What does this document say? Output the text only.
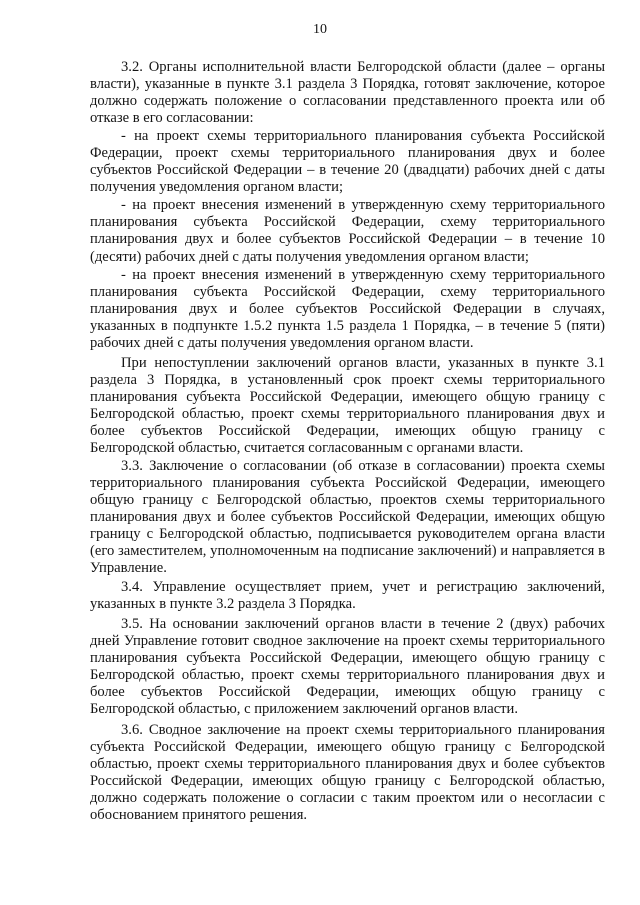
10

3.2. Органы исполнительной власти Белгородской области (далее – органы власти), указанные в пункте 3.1 раздела 3 Порядка, готовят заключение, которое должно содержать положение о согласовании представленного проекта или об отказе в его согласовании:

- на проект схемы территориального планирования субъекта Российской Федерации, проект схемы территориального планирования двух и более субъектов Российской Федерации – в течение 20 (двадцати) рабочих дней с даты получения уведомления органом власти;

- на проект внесения изменений в утвержденную схему территориального планирования субъекта Российской Федерации, схему территориального планирования двух и более субъектов Российской Федерации – в течение 10 (десяти) рабочих дней с даты получения уведомления органом власти;

- на проект внесения изменений в утвержденную схему территориального планирования субъекта Российской Федерации, схему территориального планирования двух и более субъектов Российской Федерации в случаях, указанных в подпункте 1.5.2 пункта 1.5 раздела 1 Порядка, – в течение 5 (пяти) рабочих дней с даты получения уведомления органом власти.

При непоступлении заключений органов власти, указанных в пункте 3.1 раздела 3 Порядка, в установленный срок проект схемы территориального планирования субъекта Российской Федерации, имеющего общую границу с Белгородской областью, проект схемы территориального планирования двух и более субъектов Российской Федерации, имеющих общую границу с Белгородской областью, считается согласованным с органами власти.

3.3. Заключение о согласовании (об отказе в согласовании) проекта схемы территориального планирования субъекта Российской Федерации, имеющего общую границу с Белгородской областью, проектов схемы территориального планирования двух и более субъектов Российской Федерации, имеющих общую границу с Белгородской областью, подписывается руководителем органа власти (его заместителем, уполномоченным на подписание заключений) и направляется в Управление.

3.4. Управление осуществляет прием, учет и регистрацию заключений, указанных в пункте 3.2 раздела 3 Порядка.

3.5. На основании заключений органов власти в течение 2 (двух) рабочих дней Управление готовит сводное заключение на проект схемы территориального планирования субъекта Российской Федерации, имеющего общую границу с Белгородской областью, проект схемы территориального планирования двух и более субъектов Российской Федерации, имеющих общую границу с Белгородской областью, с приложением заключений органов власти.

3.6. Сводное заключение на проект схемы территориального планирования субъекта Российской Федерации, имеющего общую границу с Белгородской областью, проект схемы территориального планирования двух и более субъектов Российской Федерации, имеющих общую границу с Белгородской областью, должно содержать положение о согласии с таким проектом или о несогласии с обоснованием принятого решения.
